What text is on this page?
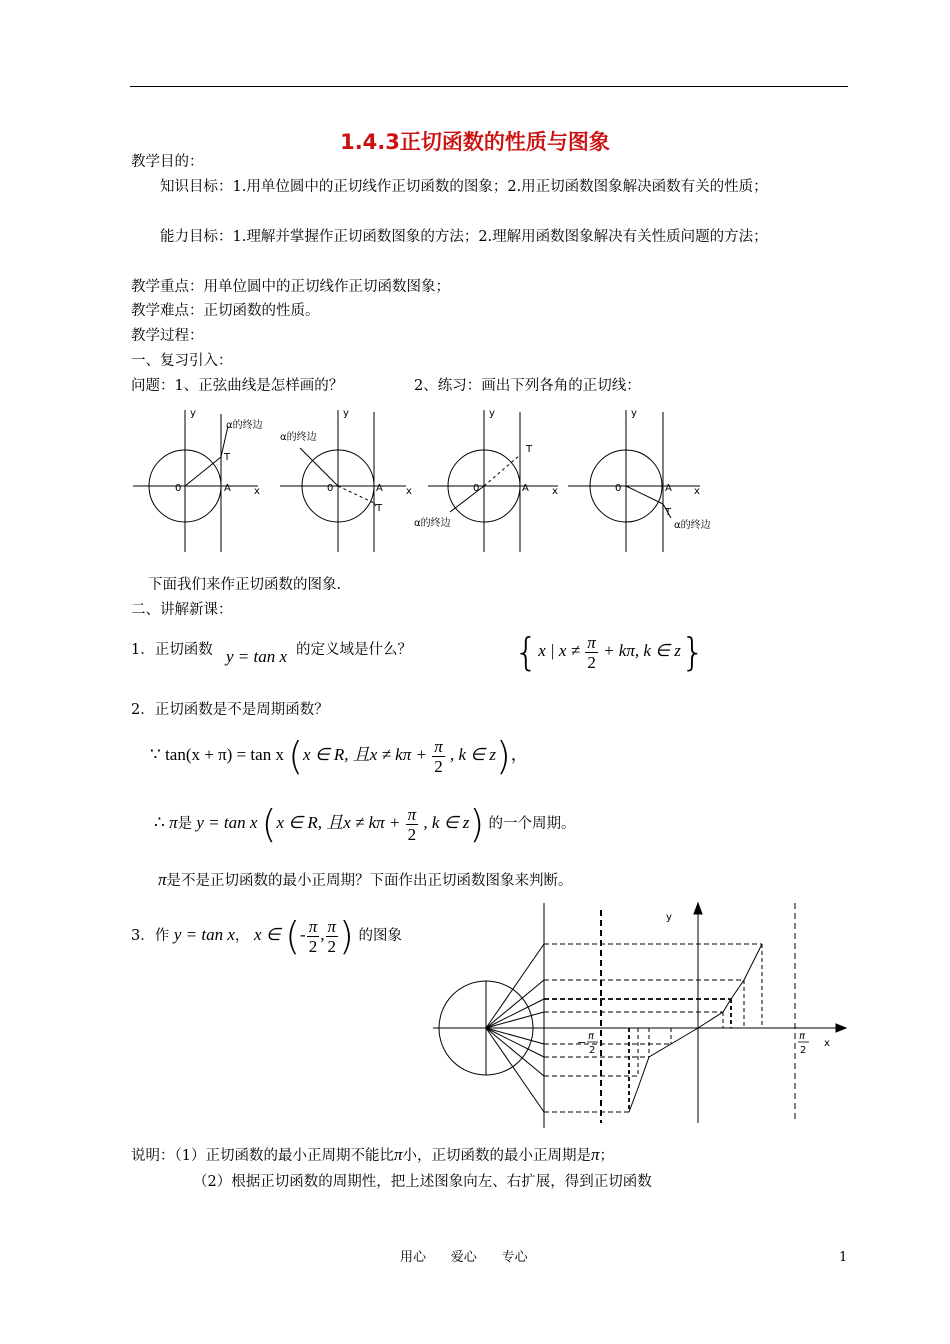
1.4.3正切函数的性质与图象
教学目的：
知识目标：1.用单位圆中的正切线作正切函数的图象；2.用正切函数图象解决函数有关的性质；
能力目标：1.理解并掌握作正切函数图象的方法；2.理解用函数图象解决有关性质问题的方法；
教学重点：用单位圆中的正切线作正切函数图象；
教学难点：正切函数的性质。
教学过程：
一、复习引入：
问题：1、正弦曲线是怎样画的？	2、练习：画出下列各角的正切线：
y
x
0	A
T
α的终边
y
x
0	A
T
α的终边
y
x
0	A
T
α的终边
y
x
0	A
T
α的终边
下面我们来作正切函数的图象.
二、讲解新课：
1．正切函数 y = tan x 的定义域是什么？	{x | $x \ne \frac{\pi}{2} + k\pi$, k ∈ z}
2．正切函数是不是周期函数？
∵ tan(x + π) = tan x (x ∈ R, 且$x \ne k\pi + \frac{\pi}{2}$ , k ∈ z)，
∴ π是 y = tan x (x ∈ R, 且$x \ne k\pi + \frac{\pi}{2}$ , k ∈ z) 的一个周期。
π是不是正切函数的最小正周期？下面作出正切函数图象来判断。
3．作 y = tan x， x ∈ (- $\frac{\pi}{2}$ , $\frac{\pi}{2}$ ) 的图象
y
x
− π
2
π
2
说明：（1）正切函数的最小正周期不能比π小，正切函数的最小正周期是π；
（2）根据正切函数的周期性，把上述图象向左、右扩展，得到正切函数
用心      爱心      专心	1
